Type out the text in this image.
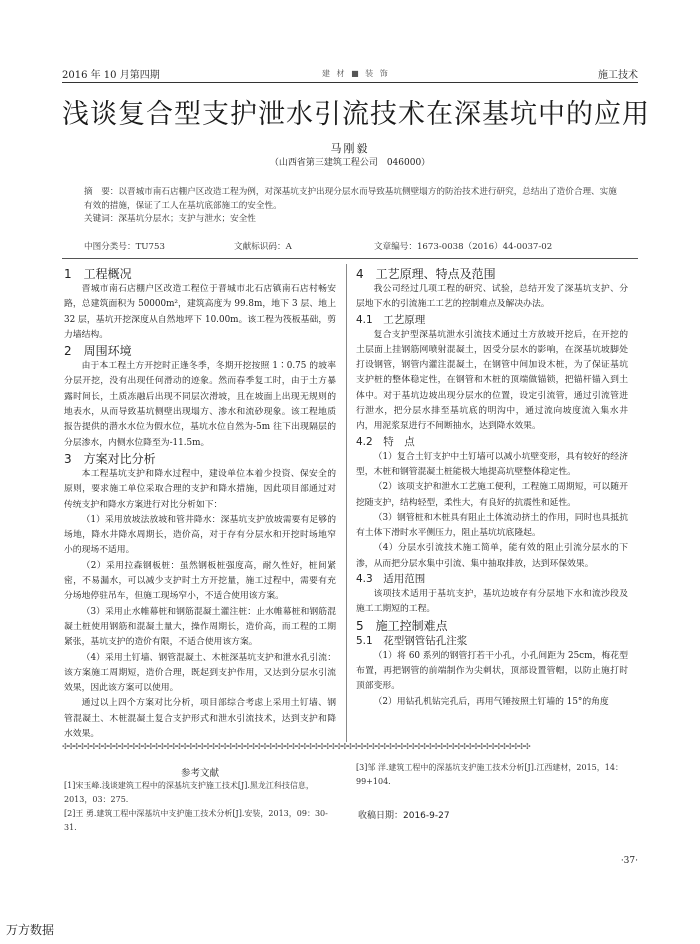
2016 年 10 月第四期	建 材 ■ 装 饰	施工技术
浅谈复合型支护泄水引流技术在深基坑中的应用
马刚毅
（山西省第三建筑工程公司　046000）

摘　要：以晋城市南石店棚户区改造工程为例，对深基坑支护出现分层水而导致基坑侧壁塌方的防治技术进行研究，总结出了造价合理、实施有效的措施，保证了工人在基坑底部施工的安全性。

关键词：深基坑分层水；支护与泄水；安全性

中图分类号：TU753	文献标识码：A	文章编号：1673-0038（2016）44-0037-02
1　工程概况

晋城市南石店棚户区改造工程位于晋城市北石店镇南石店村畅安路，总建筑面积为 50000m²，建筑高度为 99.8m，地下 3 层、地上 32 层，基坑开挖深度从自然地坪下 10.00m。该工程为筏板基础，剪力墙结构。

2　周围环境

由于本工程土方开挖时正逢冬季，冬期开挖按照 1∶0.75 的坡率分层开挖，没有出现任何滑动的迹象。然而春季复工时，由于土方暴露时间长，土质冻融后出现不同层次滑坡，且在坡面上出现无规则的地表水，从而导致基坑侧壁出现塌方、渗水和流砂现象。该工程地质报告提供的潜水水位为假水位，基坑水位自然为-5m 往下出现隔层的分层渗水，内侧水位降至为-11.5m。

3　方案对比分析

本工程基坑支护和降水过程中，建设单位本着少投资、保安全的原则，要求施工单位采取合理的支护和降水措施，因此项目部通过对传统支护和降水方案进行对比分析如下：

（1）采用放坡法放坡和管井降水：深基坑支护放坡需要有足够的场地，降水井降水周期长，造价高，对于存有分层水和开挖时场地窄小的现场不适用。

（2）采用拉森钢板桩：虽然钢板桩强度高，耐久性好，桩间紧密，不易漏水，可以减少支护时土方开挖量，施工过程中，需要有充分场地停驻吊车，但施工现场窄小，不适合使用该方案。

（3）采用止水帷幕桩和钢筋混凝土灌注桩：止水帷幕桩和钢筋混凝土桩使用钢筋和混凝土量大，操作周期长，造价高，而工程的工期紧张，基坑支护的造价有限，不适合使用该方案。

（4）采用土钉墙、钢管混凝土、木桩深基坑支护和泄水孔引流：该方案施工周期短，造价合理，既起到支护作用，又达到分层水引流效果，因此该方案可以使用。

通过以上四个方案对比分析，项目部综合考虑上采用土钉墙、钢管混凝土、木桩混凝土复合支护形式和泄水引流技术，达到支护和降水效果。

4　工艺原理、特点及范围

我公司经过几项工程的研究、试验，总结开发了深基坑支护、分层地下水的引流施工工艺的控制难点及解决办法。

4.1　工艺原理

复合支护型深基坑泄水引流技术通过土方放坡开挖后，在开挖的土层面上挂钢筋网喷射混凝土，因受分层水的影响，在深基坑坡脚处打设钢管，钢管内灌注混凝土，在钢管中间加设木桩，为了保证基坑支护桩的整体稳定性，在钢管和木桩的顶端做锚锁，把锚杆锚入到土体中。对于基坑边坡出现分层水的位置，设定引流管，通过引流管进行泄水，把分层水排至基坑底的明沟中，通过流向坡度流入集水井内，用泥浆泵进行不间断抽水，达到降水效果。

4.2　特　点

（1）复合土钉支护中土钉墙可以减小坑壁变形，具有较好的经济型，木桩和钢管混凝土桩能极大地提高坑壁整体稳定性。

（2）该项支护和泄水工艺施工便利，工程施工周期短，可以随开挖随支护，结构轻型，柔性大，有良好的抗震性和延性。

（3）钢管桩和木桩具有阻止土体流动挤土的作用，同时也具抵抗有土体下滑时水平侧压力，阻止基坑坑底隆起。

（4）分层水引流技术施工简单，能有效的阻止引流分层水的下渗，从而把分层水集中引流、集中抽取排放，达到环保效果。

4.3　适用范围

该项技术适用于基坑支护，基坑边坡存有分层地下水和流沙段及施工工期短的工程。

5　施工控制难点
5.1　花型钢管钻孔注浆

（1）将 60 系列的钢管打若干小孔，小孔间距为 25cm，梅花型布置，再把钢管的前端制作为尖刺状，顶部设置管帽，以防止施打时顶部变形。

（2）用钻孔机钻完孔后，再用气锤按照土钉墙的 15°的角度

✣✣✣✣✣✣✣✣✣✣✣✣✣✣✣✣✣✣✣✣✣✣✣✣✣✣✣✣✣✣✣✣✣✣✣✣✣✣✣✣✣✣✣✣✣✣✣✣✣✣✣✣✣✣✣✣✣✣✣✣✣✣✣✣✣✣✣✣✣✣✣✣✣✣✣✣✣✣✣✣✣✣
参考文献

[1]宋玉峰.浅谈建筑工程中的深基坑支护施工技术[J].黑龙江科技信息，2013，03：275.

[2]王 勇.建筑工程中深基坑中支护施工技术分析[J].安装，2013，09：30-31.

[3]邹 洋.建筑工程中的深基坑支护施工技术分析[J].江西建材，2015，14：99+104.

收稿日期：2016-9-27
·37·
万方数据
